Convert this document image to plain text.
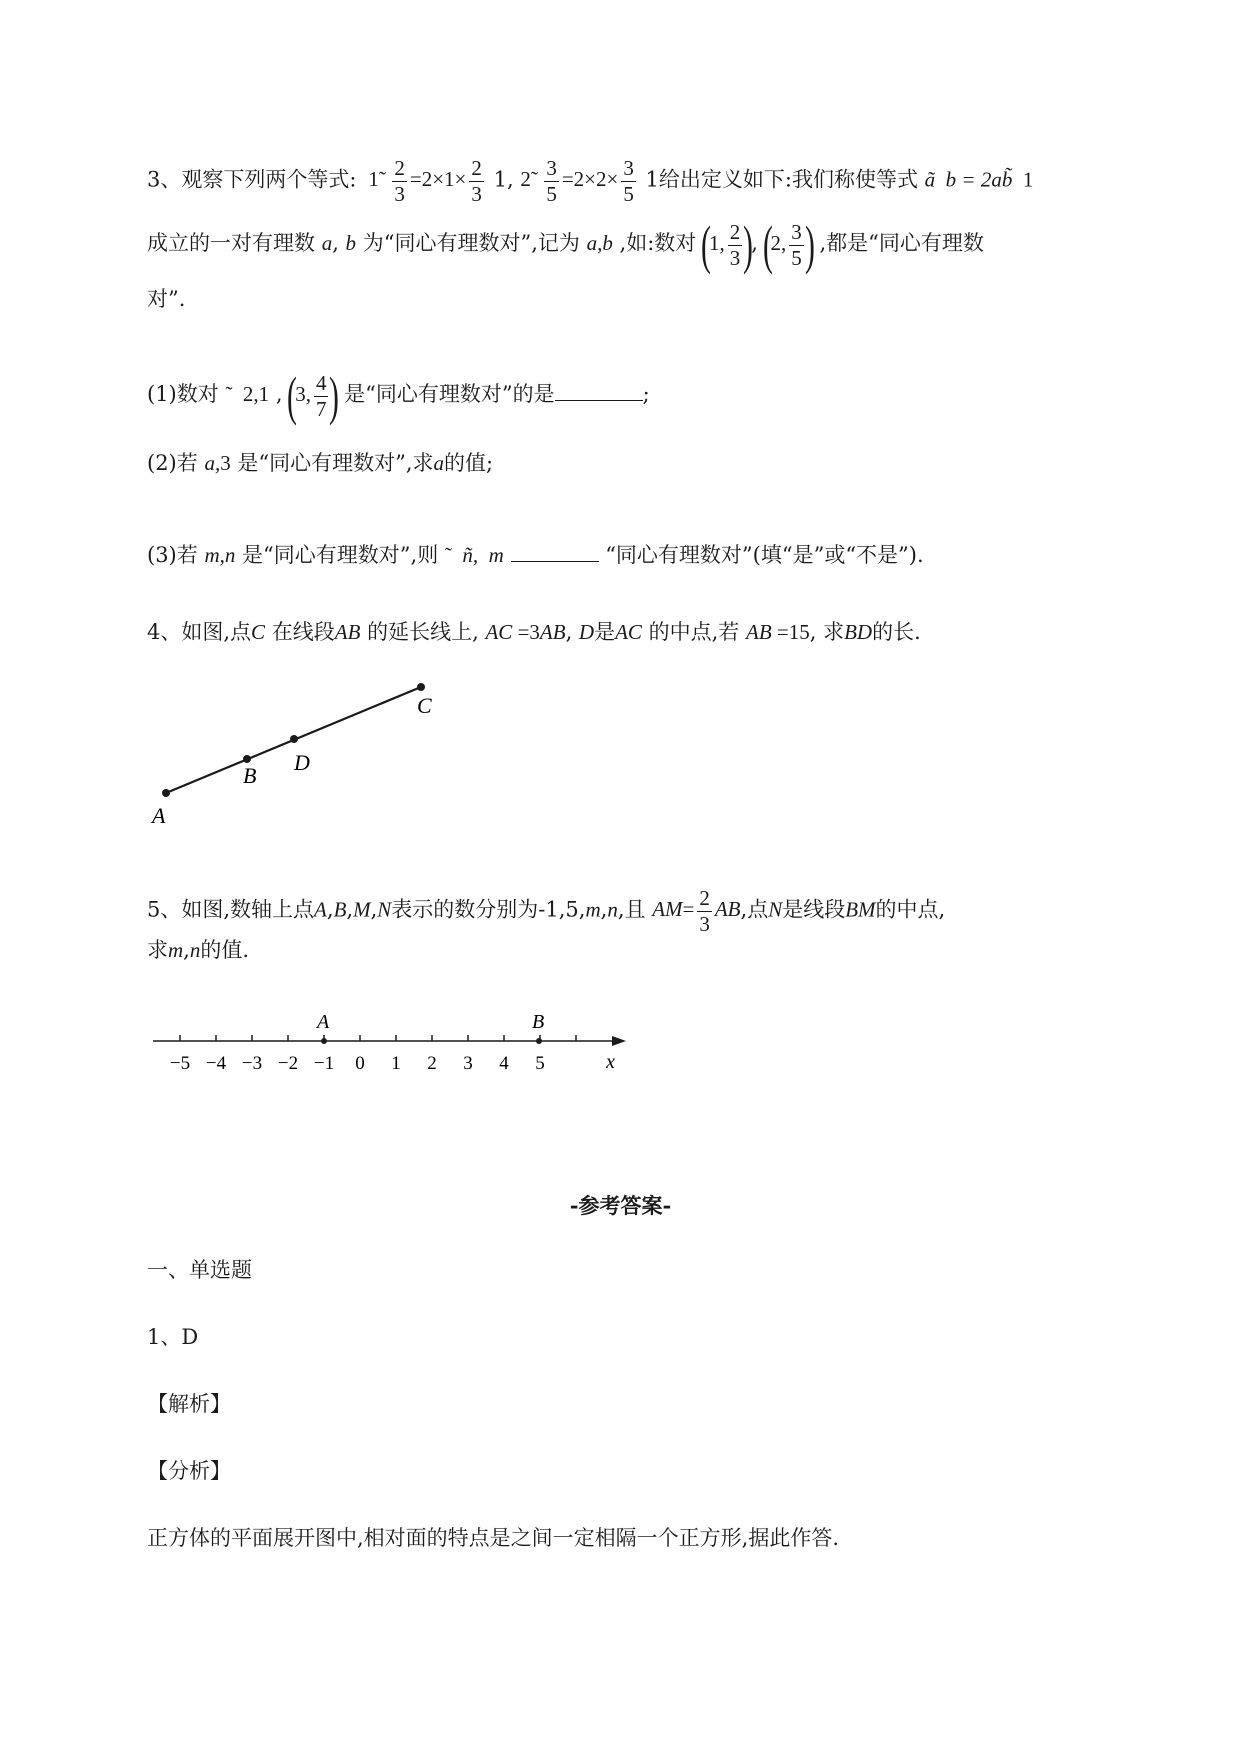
3、观察下列两个等式:  1̃ $\frac{2}{3} =2\times 1\times \frac{2}{3} 1$, 2̃ $\frac{3}{5} =2\times 2\times \frac{3}{5} 1$给出定义如下:我们称使等式 ã  b = 2ab̃  1
成立的一对有理数 a, b 为“同心有理数对”,记为 a,b ,如:数对 (1, $\frac{2}{3}$ ), (2, $\frac{3}{5}$ ) ,都是“同心有理数
对”.
(1)数对 ˜  2,1 , (3, $\frac{4}{7}$ ) 是“同心有理数对”的是	;
(2)若 a,3 是“同心有理数对”,求a的值;
(3)若 m,n 是“同心有理数对”,则 ˜  ñ,  m	“同心有理数对”(填“是”或“不是”).
4、如图,点C 在线段AB 的延长线上, AC =3AB, D是AC 的中点,若 AB =15, 求BD的长.
A
B
D
C
A	B
x
−5 −4 −3 −2 −1 0 1 2 3 4 5
5、如图,数轴上点A,B,M,N表示的数分别为-1,5,m,n,且 $AM= \frac{2}{3}$ AB,点N是线段BM的中点,
求m,n的值.
-参考答案-
一、单选题
1、D
【解析】
【分析】
正方体的平面展开图中,相对面的特点是之间一定相隔一个正方形,据此作答.
